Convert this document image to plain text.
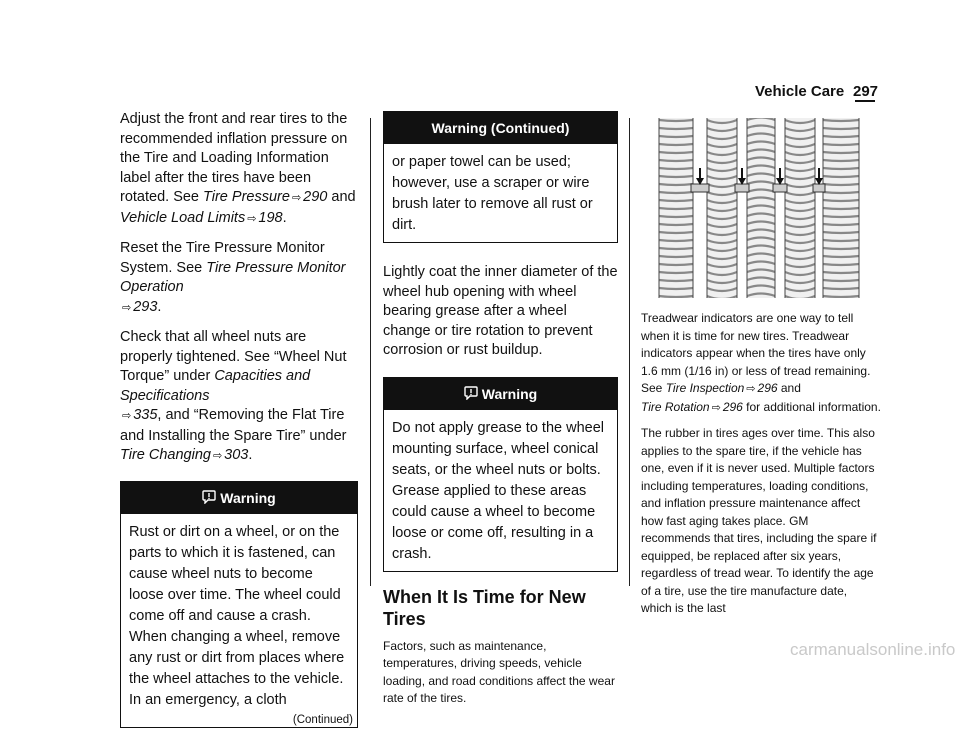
Vehicle Care 297

Adjust the front and rear tires to the recommended inflation pressure on the Tire and Loading Information label after the tires have been rotated. See Tire Pressure ⇨ 290 and
Vehicle Load Limits ⇨ 198.

Reset the Tire Pressure Monitor System. See Tire Pressure Monitor Operation
⇨ 293.

Check that all wheel nuts are properly tightened. See “Wheel Nut Torque” under Capacities and Specifications
⇨ 335, and “Removing the Flat Tire and Installing the Spare Tire” under Tire Changing ⇨ 303.

Warning
Rust or dirt on a wheel, or on the parts to which it is fastened, can cause wheel nuts to become loose over time. The wheel could come off and cause a crash. When changing a wheel, remove any rust or dirt from places where the wheel attaches to the vehicle. In an emergency, a cloth
(Continued)
Warning (Continued)
or paper towel can be used; however, use a scraper or wire brush later to remove all rust or dirt.

Lightly coat the inner diameter of the wheel hub opening with wheel bearing grease after a wheel change or tire rotation to prevent corrosion or rust buildup.

Warning
Do not apply grease to the wheel mounting surface, wheel conical seats, or the wheel nuts or bolts. Grease applied to these areas could cause a wheel to become loose or come off, resulting in a crash.
When It Is Time for New Tires

Factors, such as maintenance, temperatures, driving speeds, vehicle loading, and road conditions affect the wear rate of the tires.

Treadwear indicators are one way to tell when it is time for new tires. Treadwear indicators appear when the tires have only 1.6 mm (1/16 in) or less of tread remaining. See Tire Inspection ⇨ 296 and
Tire Rotation ⇨ 296 for additional information.

The rubber in tires ages over time. This also applies to the spare tire, if the vehicle has one, even if it is never used. Multiple factors including temperatures, loading conditions, and inflation pressure maintenance affect how fast aging takes place. GM recommends that tires, including the spare if equipped, be replaced after six years, regardless of tread wear. To identify the age of a tire, use the tire manufacture date, which is the last

carmanualsonline.info
